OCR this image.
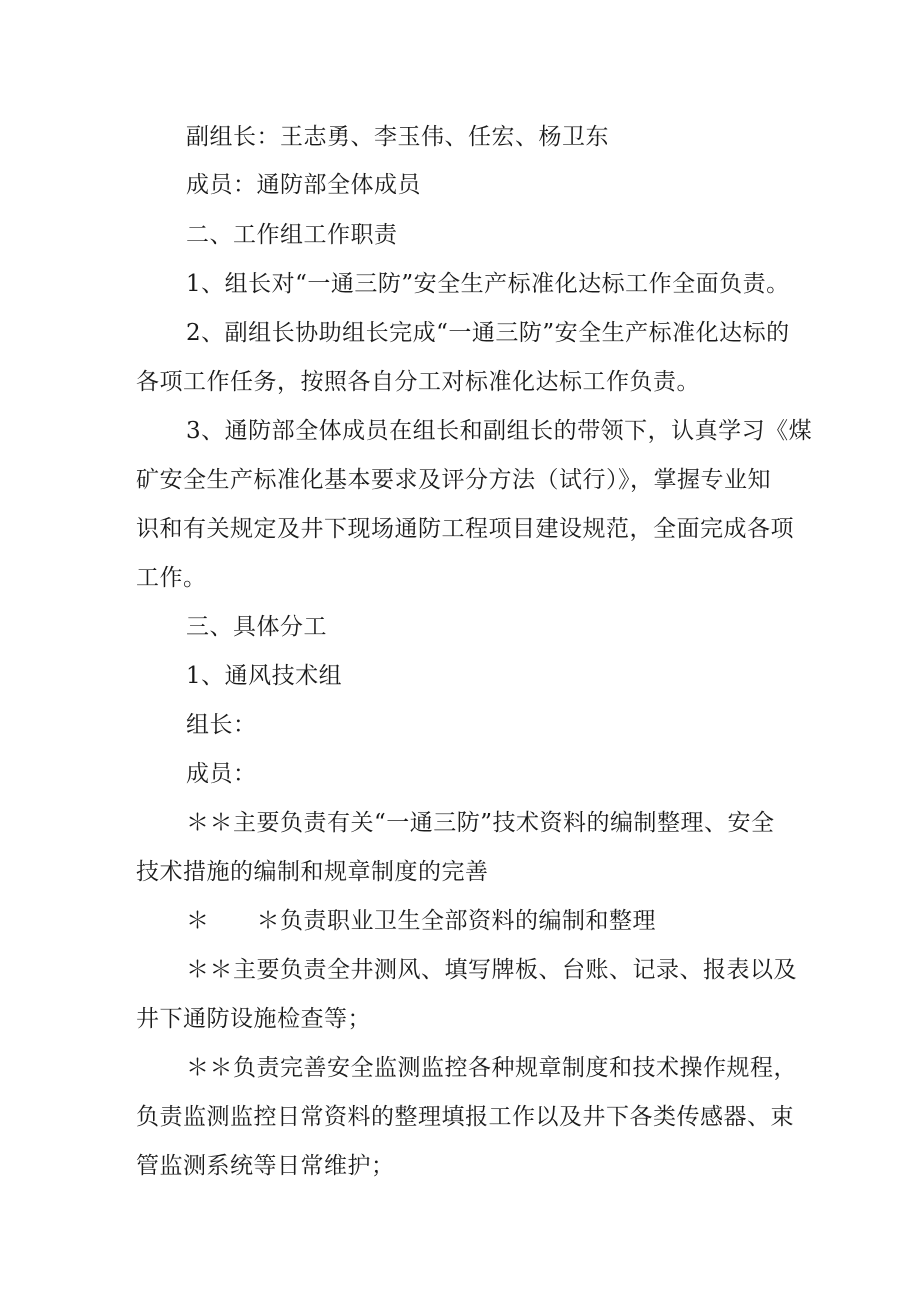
副组长：王志勇、李玉伟、任宏、杨卫东
成员：通防部全体成员
二、工作组工作职责
1、组长对“一通三防”安全生产标准化达标工作全面负责。
2、副组长协助组长完成“一通三防”安全生产标准化达标的
各项工作任务，按照各自分工对标准化达标工作负责。
3、通防部全体成员在组长和副组长的带领下，认真学习《煤
矿安全生产标准化基本要求及评分方法（试行）》，掌握专业知
识和有关规定及井下现场通防工程项目建设规范，全面完成各项
工作。
三、具体分工
1、通风技术组
组长：
成员：
＊＊主要负责有关“一通三防”技术资料的编制整理、安全
技术措施的编制和规章制度的完善
＊　　＊负责职业卫生全部资料的编制和整理
＊＊主要负责全井测风、填写牌板、台账、记录、报表以及
井下通防设施检查等；
＊＊负责完善安全监测监控各种规章制度和技术操作规程，
负责监测监控日常资料的整理填报工作以及井下各类传感器、束
管监测系统等日常维护；
